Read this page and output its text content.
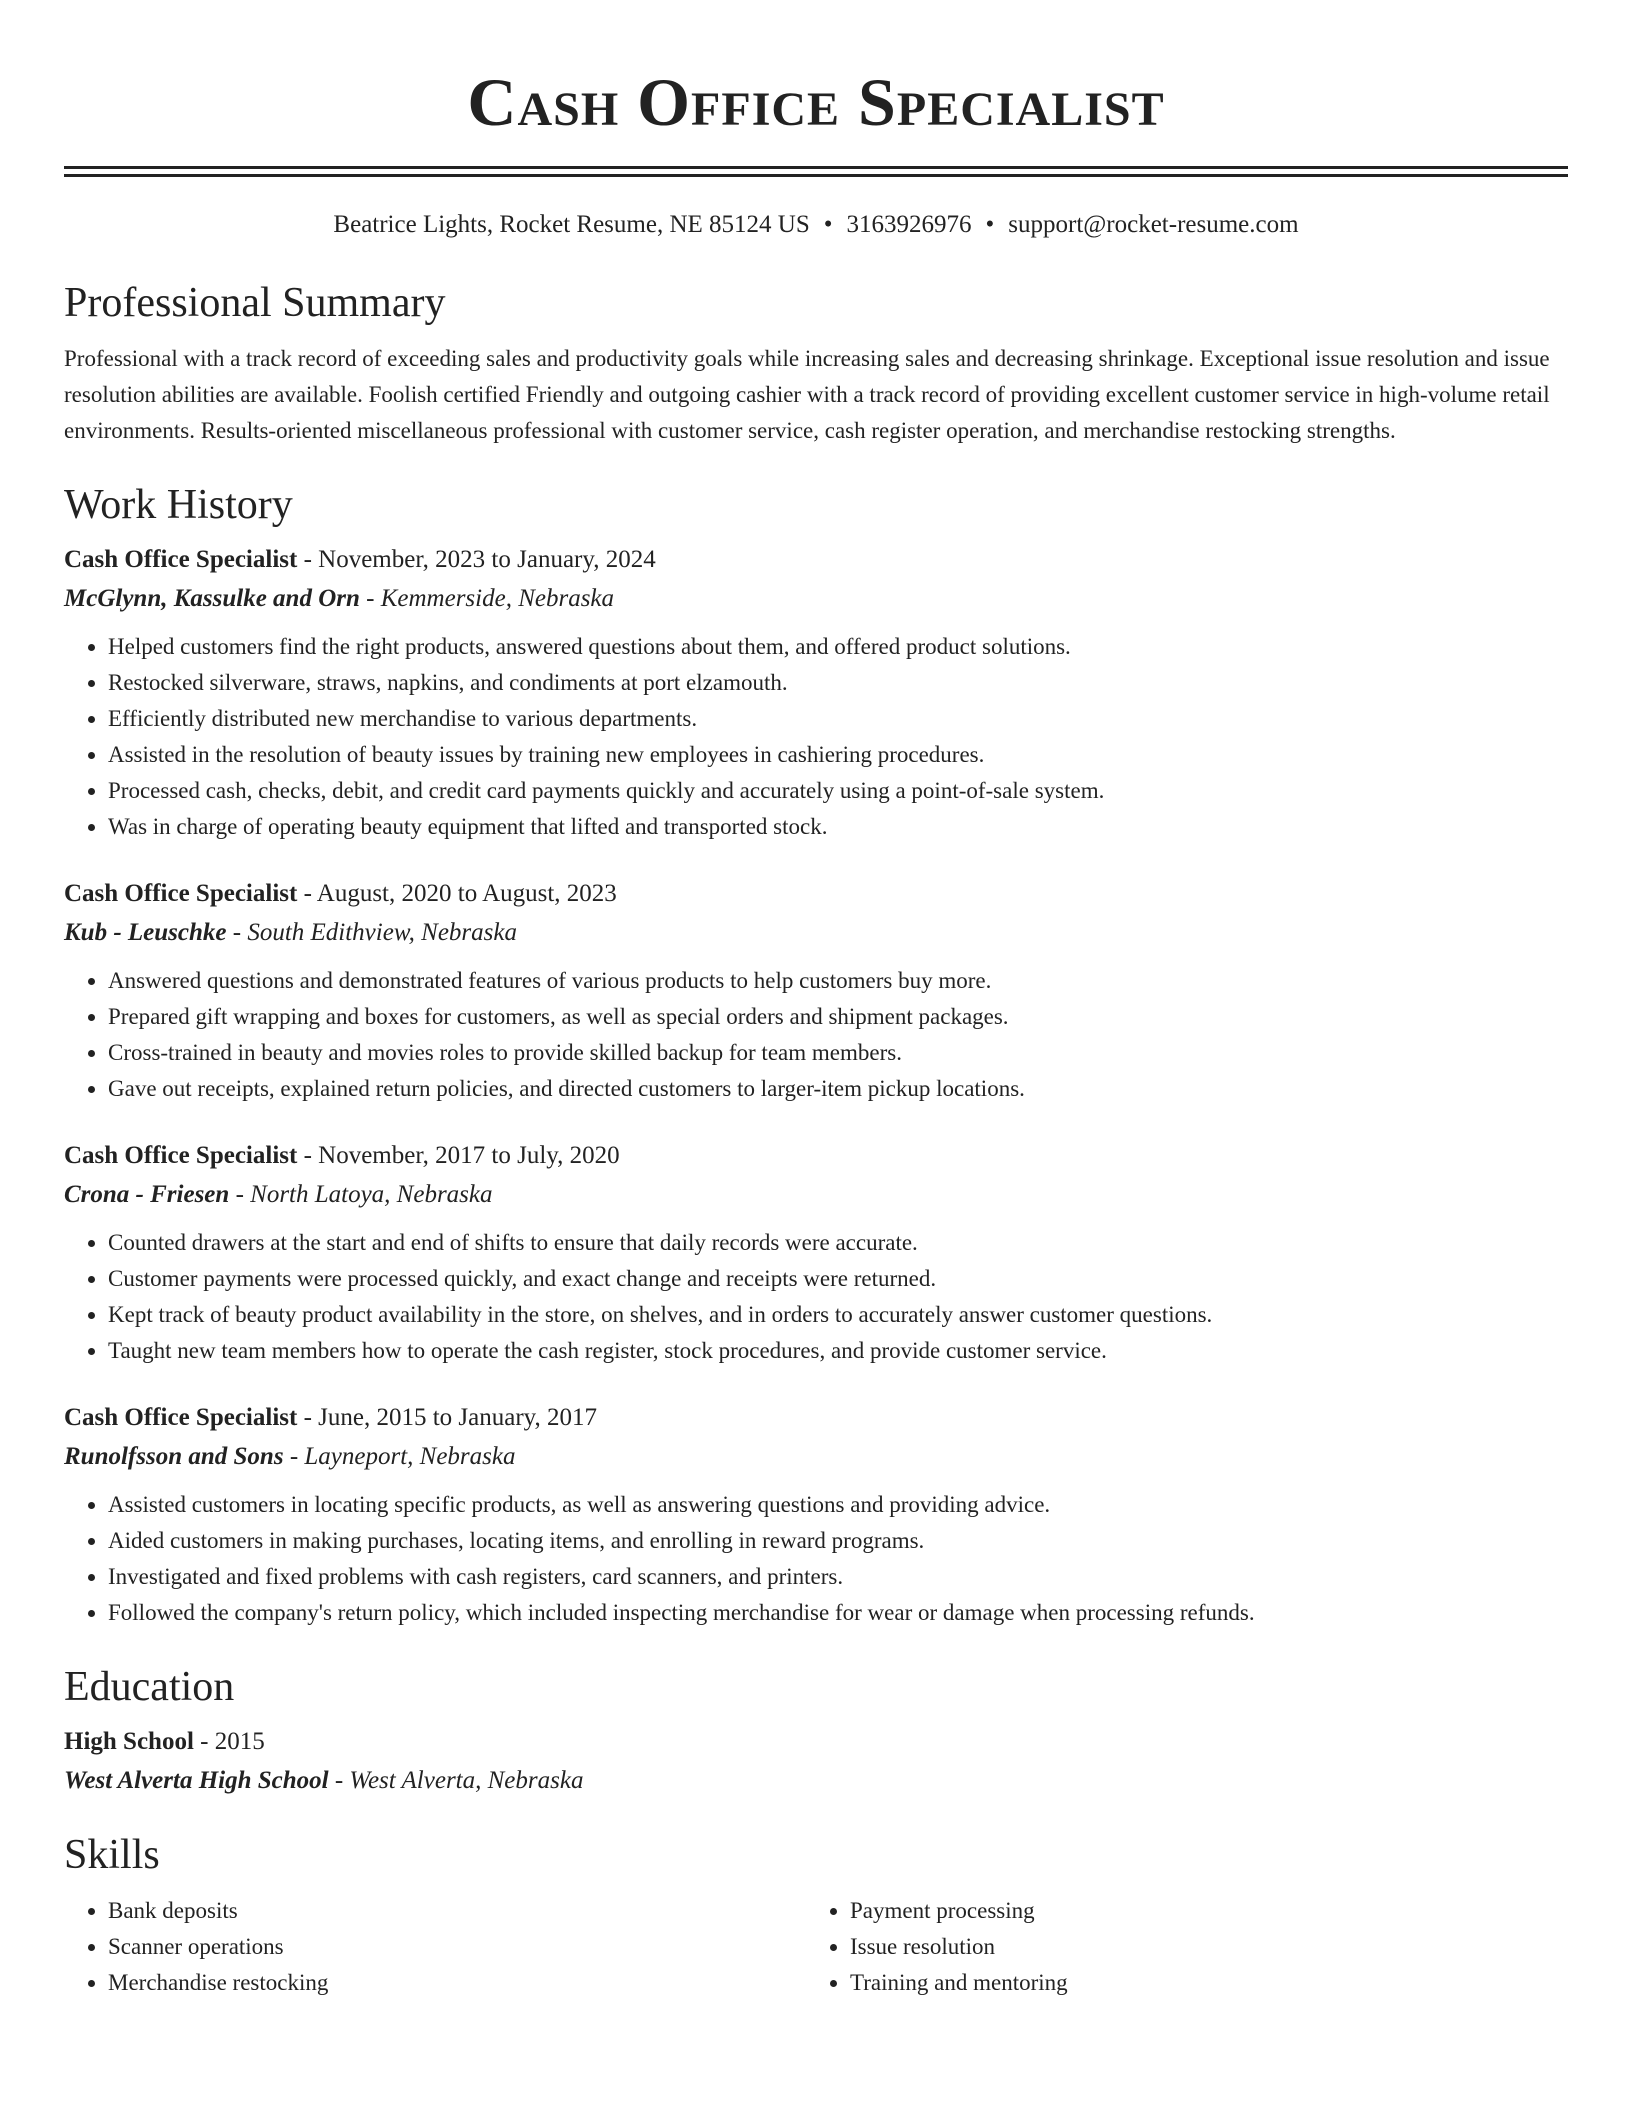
Cash Office Specialist
Beatrice Lights, Rocket Resume, NE 85124 US • 3163926976 • support@rocket-resume.com
Professional Summary
Professional with a track record of exceeding sales and productivity goals while increasing sales and decreasing shrinkage. Exceptional issue resolution and issue resolution abilities are available. Foolish certified Friendly and outgoing cashier with a track record of providing excellent customer service in high-volume retail environments. Results-oriented miscellaneous professional with customer service, cash register operation, and merchandise restocking strengths.
Work History
Cash Office Specialist - November, 2023 to January, 2024
McGlynn, Kassulke and Orn - Kemmerside, Nebraska
• Helped customers find the right products, answered questions about them, and offered product solutions.
• Restocked silverware, straws, napkins, and condiments at port elzamouth.
• Efficiently distributed new merchandise to various departments.
• Assisted in the resolution of beauty issues by training new employees in cashiering procedures.
• Processed cash, checks, debit, and credit card payments quickly and accurately using a point-of-sale system.
• Was in charge of operating beauty equipment that lifted and transported stock.
Cash Office Specialist - August, 2020 to August, 2023
Kub - Leuschke - South Edithview, Nebraska
• Answered questions and demonstrated features of various products to help customers buy more.
• Prepared gift wrapping and boxes for customers, as well as special orders and shipment packages.
• Cross-trained in beauty and movies roles to provide skilled backup for team members.
• Gave out receipts, explained return policies, and directed customers to larger-item pickup locations.
Cash Office Specialist - November, 2017 to July, 2020
Crona - Friesen - North Latoya, Nebraska
• Counted drawers at the start and end of shifts to ensure that daily records were accurate.
• Customer payments were processed quickly, and exact change and receipts were returned.
• Kept track of beauty product availability in the store, on shelves, and in orders to accurately answer customer questions.
• Taught new team members how to operate the cash register, stock procedures, and provide customer service.
Cash Office Specialist - June, 2015 to January, 2017
Runolfsson and Sons - Layneport, Nebraska
• Assisted customers in locating specific products, as well as answering questions and providing advice.
• Aided customers in making purchases, locating items, and enrolling in reward programs.
• Investigated and fixed problems with cash registers, card scanners, and printers.
• Followed the company's return policy, which included inspecting merchandise for wear or damage when processing refunds.
Education
High School - 2015
West Alverta High School - West Alverta, Nebraska
Skills
• Bank deposits
• Scanner operations
• Merchandise restocking
• Payment processing
• Issue resolution
• Training and mentoring
